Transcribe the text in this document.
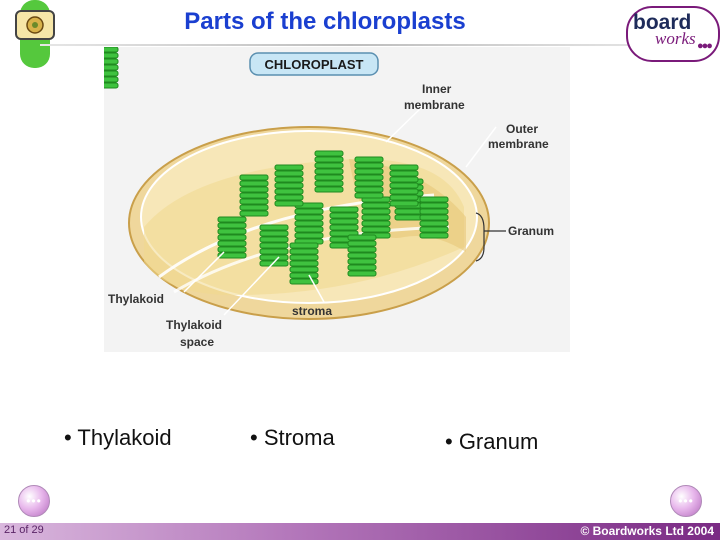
Parts of the chloroplasts	board
works ●●●
CHLOROPLAST
Inner
membrane
Outer
membrane
Granum
Thylakoid
stroma
Thylakoid
space
• Thylakoid	• Stroma	• Granum
•••	•••
21 of 29	© Boardworks Ltd 2004
